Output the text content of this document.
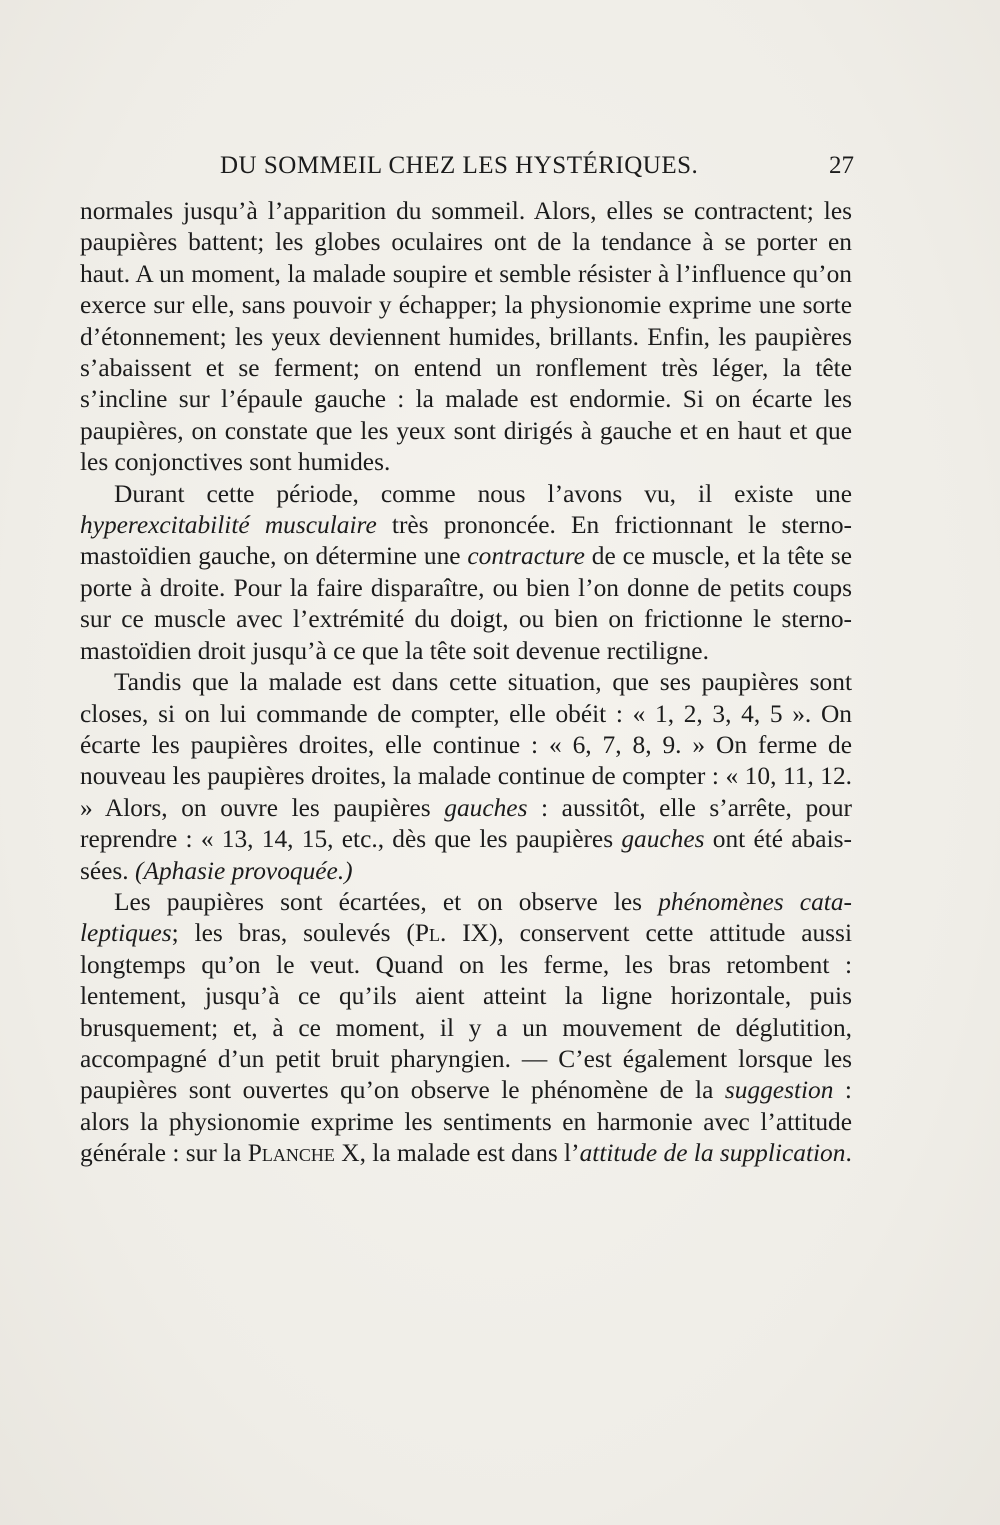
DU SOMMEIL CHEZ LES HYSTÉRIQUES.	27

normales jusqu’à l’apparition du sommeil. Alors, elles se contractent; les paupières battent; les globes oculaires ont de la tendance à se porter en haut. A un moment, la malade soupire et semble résister à l’influence qu’on exerce sur elle, sans pouvoir y échapper; la physionomie exprime une sorte d’étonnement; les yeux deviennent humides, brillants. Enfin, les paupières s’abaissent et se ferment; on entend un ronflement très léger, la tête s’incline sur l’épaule gauche : la malade est endormie. Si on écarte les paupières, on constate que les yeux sont dirigés à gauche et en haut et que les conjonctives sont humides.

Durant cette période, comme nous l’avons vu, il existe une hyperexcitabilité musculaire très prononcée. En frictionnant le sterno-mastoïdien gauche, on détermine une contracture de ce muscle, et la tête se porte à droite. Pour la faire disparaître, ou bien l’on donne de petits coups sur ce muscle avec l’extrémité du doigt, ou bien on frictionne le sterno-mastoïdien droit jusqu’à ce que la tête soit devenue rectiligne.

Tandis que la malade est dans cette situation, que ses paupières sont closes, si on lui commande de compter, elle obéit : « 1, 2, 3, 4, 5 ». On écarte les paupières droites, elle continue : « 6, 7, 8, 9. » On ferme de nouveau les paupières droites, la malade continue de compter : « 10, 11, 12. » Alors, on ouvre les paupières gauches : aussitôt, elle s’arrête, pour reprendre : « 13, 14, 15, etc., dès que les paupières gauches ont été abaissées. (Aphasie provoquée.)

Les paupières sont écartées, et on observe les phénomènes cataleptiques; les bras, soulevés (Pl. IX), conservent cette attitude aussi longtemps qu’on le veut. Quand on les ferme, les bras retombent : lentement, jusqu’à ce qu’ils aient atteint la ligne horizontale, puis brusquement; et, à ce moment, il y a un mouvement de déglutition, accompagné d’un petit bruit pharyngien. — C’est également lorsque les paupières sont ouvertes qu’on observe le phénomène de la suggestion : alors la physionomie exprime les sentiments en harmonie avec l’attitude générale : sur la Planche X, la malade est dans l’attitude de la supplication.
